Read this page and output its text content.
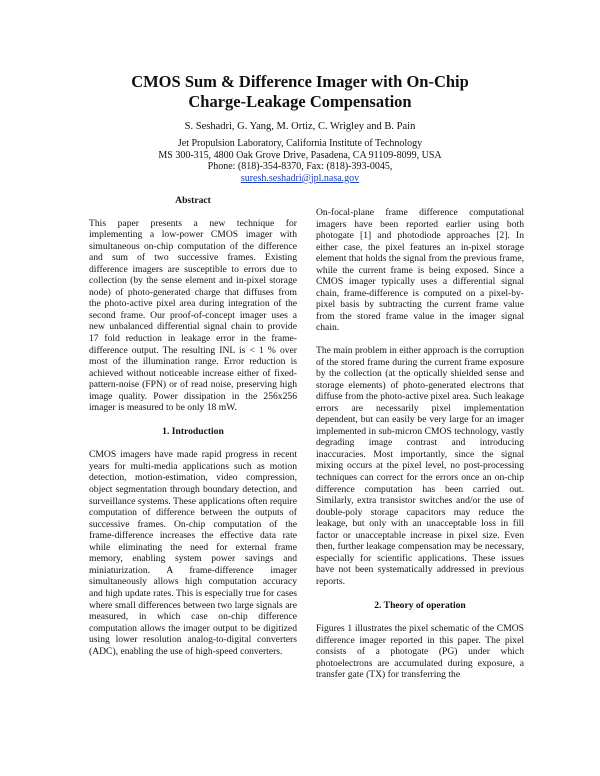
CMOS Sum & Difference Imager with On-Chip
Charge-Leakage Compensation
S. Seshadri, G. Yang, M. Ortiz, C. Wrigley and B. Pain
Jet Propulsion Laboratory, California Institute of Technology
MS 300-315, 4800 Oak Grove Drive, Pasadena, CA 91109-8099, USA
Phone: (818)-354-8370, Fax: (818)-393-0045,
suresh.seshadri@jpl.nasa.gov
Abstract

This paper presents a new technique for implementing a low-power CMOS imager with simultaneous on-chip computation of the difference and sum of two successive frames. Existing difference imagers are susceptible to errors due to collection (by the sense element and in-pixel storage node) of photo-generated charge that diffuses from the photo-active pixel area during integration of the second frame. Our proof-of-concept imager uses a new unbalanced differential signal chain to provide 17 fold reduction in leakage error in the frame-difference output. The resulting INL is < 1 % over most of the illumination range. Error reduction is achieved without noticeable increase either of fixed-pattern-noise (FPN) or of read noise, preserving high image quality. Power dissipation in the 256x256 imager is measured to be only 18 mW.

1. Introduction

CMOS imagers have made rapid progress in recent years for multi-media applications such as motion detection, motion-estimation, video compression, object segmentation through boundary detection, and surveillance systems. These applications often require computation of difference between the outputs of successive frames. On-chip computation of the frame-difference increases the effective data rate while eliminating the need for external frame memory, enabling system power savings and miniaturization. A frame-difference imager simultaneously allows high computation accuracy and high update rates. This is especially true for cases where small differences between two large signals are measured, in which case on-chip difference computation allows the imager output to be digitized using lower resolution analog-to-digital converters (ADC), enabling the use of high-speed converters.

On-focal-plane frame difference computational imagers have been reported earlier using both photogate [1] and photodiode approaches [2]. In either case, the pixel features an in-pixel storage element that holds the signal from the previous frame, while the current frame is being exposed. Since a CMOS imager typically uses a differential signal chain, frame-difference is computed on a pixel-by-pixel basis by subtracting the current frame value from the stored frame value in the imager signal chain.

The main problem in either approach is the corruption of the stored frame during the current frame exposure by the collection (at the optically shielded sense and storage elements) of photo-generated electrons that diffuse from the photo-active pixel area. Such leakage errors are necessarily pixel implementation dependent, but can easily be very large for an imager implemented in sub-micron CMOS technology, vastly degrading image contrast and introducing inaccuracies. Most importantly, since the signal mixing occurs at the pixel level, no post-processing techniques can correct for the errors once an on-chip difference computation has been carried out. Similarly, extra transistor switches and/or the use of double-poly storage capacitors may reduce the leakage, but only with an unacceptable loss in fill factor or unacceptable increase in pixel size. Even then, further leakage compensation may be necessary, especially for scientific applications. These issues have not been systematically addressed in previous reports.

2. Theory of operation

Figures 1 illustrates the pixel schematic of the CMOS difference imager reported in this paper. The pixel consists of a photogate (PG) under which photoelectrons are accumulated during exposure, a transfer gate (TX) for transferring the
